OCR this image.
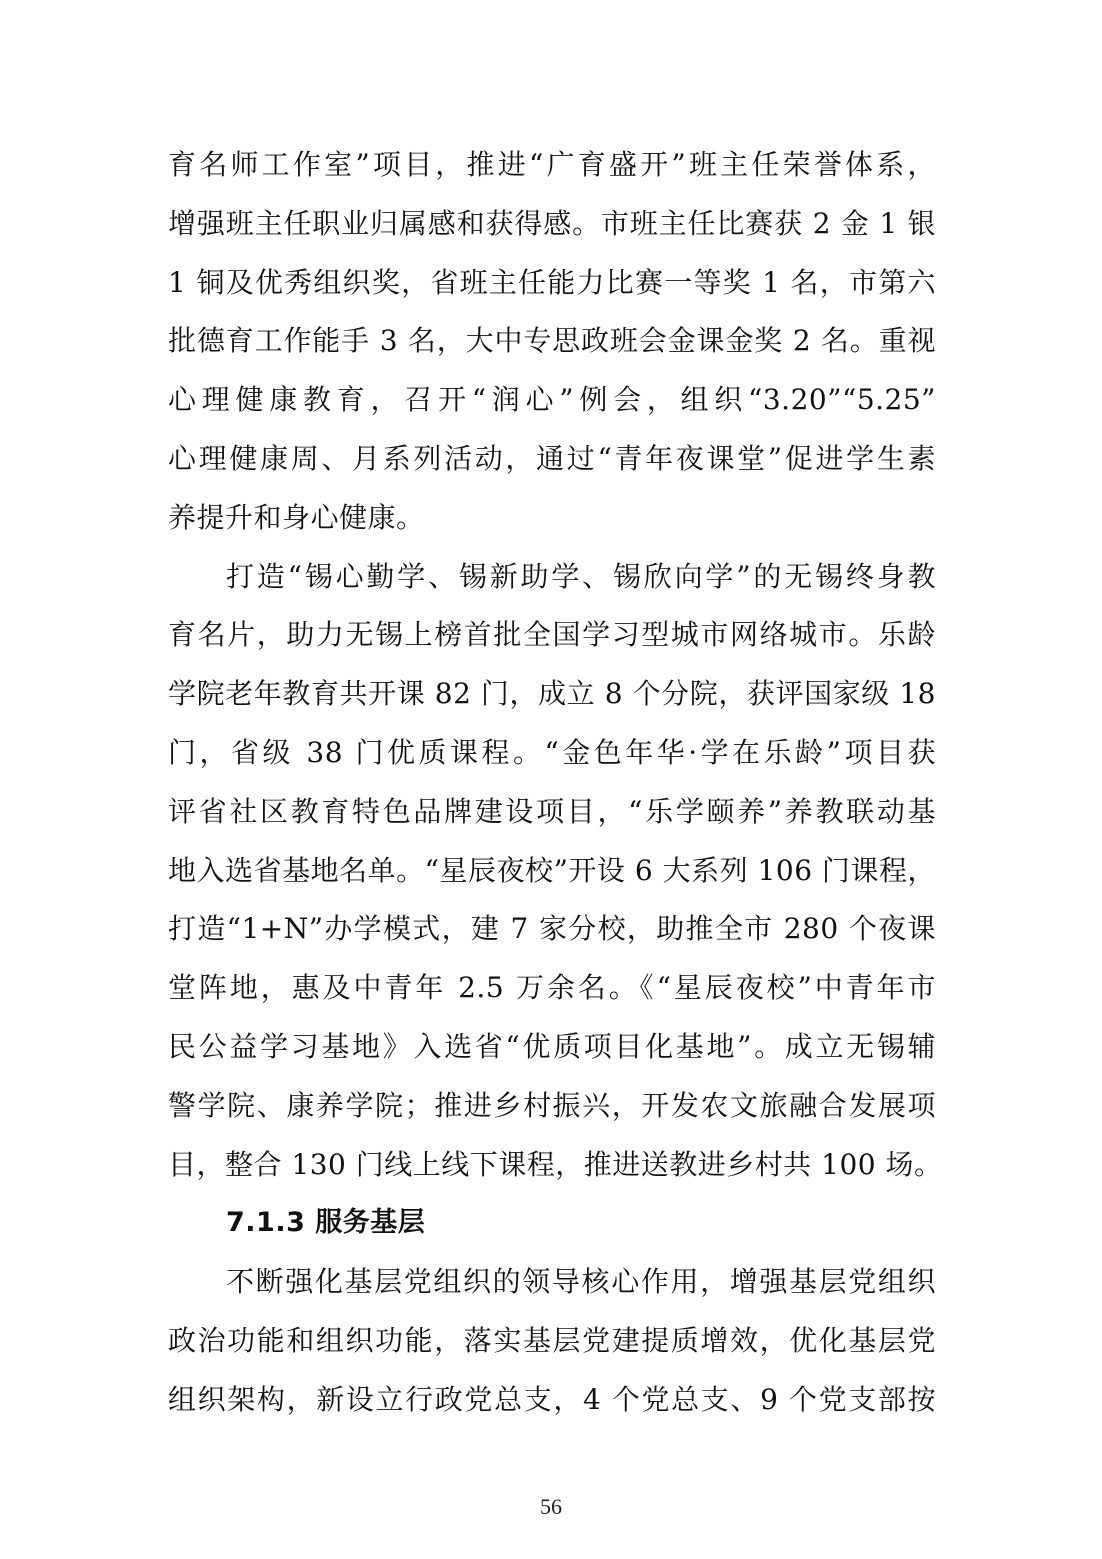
育名师工作室”项目，推进“广育盛开”班主任荣誉体系，
增强班主任职业归属感和获得感。市班主任比赛获 2 金 1 银
1 铜及优秀组织奖，省班主任能力比赛一等奖 1 名，市第六
批德育工作能手 3 名，大中专思政班会金课金奖 2 名。重视
心理健康教育，召开“润心”例会，组织“3.20”“5.25”
心理健康周、月系列活动，通过“青年夜课堂”促进学生素
养提升和身心健康。
打造“锡心勤学、锡新助学、锡欣向学”的无锡终身教
育名片，助力无锡上榜首批全国学习型城市网络城市。乐龄
学院老年教育共开课 82 门，成立 8 个分院，获评国家级 18
门，省级 38 门优质课程。“金色年华·学在乐龄”项目获
评省社区教育特色品牌建设项目，“乐学颐养”养教联动基
地入选省基地名单。“星辰夜校”开设 6 大系列 106 门课程，
打造“1+N”办学模式，建 7 家分校，助推全市 280 个夜课
堂阵地，惠及中青年 2.5 万余名。《“星辰夜校”中青年市
民公益学习基地》入选省“优质项目化基地”。成立无锡辅
警学院、康养学院；推进乡村振兴，开发农文旅融合发展项
目，整合 130 门线上线下课程，推进送教进乡村共 100 场。
7.1.3 服务基层
不断强化基层党组织的领导核心作用，增强基层党组织
政治功能和组织功能，落实基层党建提质增效，优化基层党
组织架构，新设立行政党总支，4 个党总支、9 个党支部按
56
